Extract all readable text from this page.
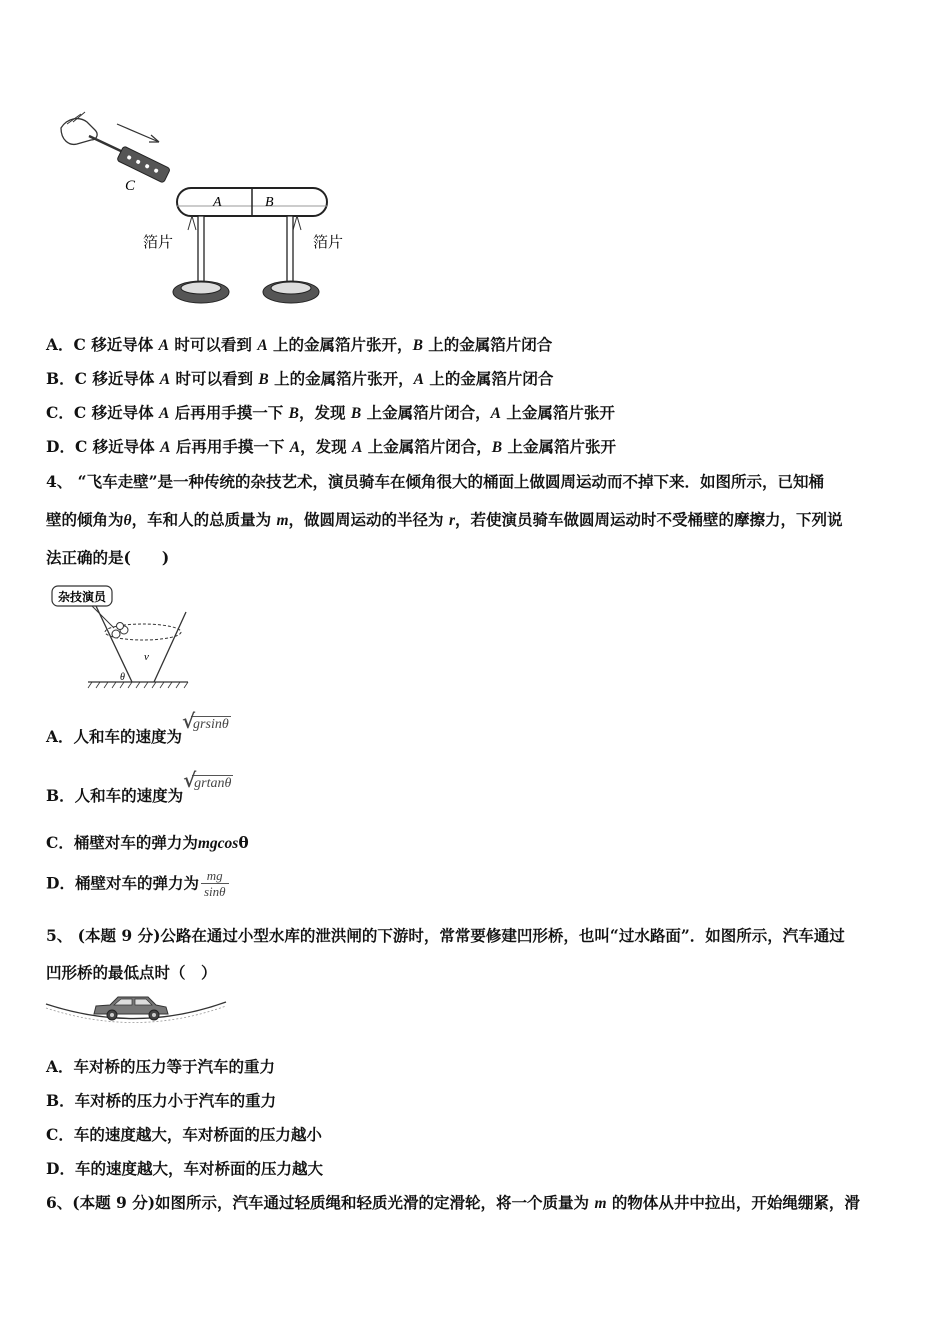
C
A	B
箔片	箔片
A．C 移近导体 A 时可以看到 A 上的金属箔片张开，B 上的金属箔片闭合
B．C 移近导体 A 时可以看到 B 上的金属箔片张开，A 上的金属箔片闭合
C．C 移近导体 A 后再用手摸一下 B，发现 B 上金属箔片闭合，A 上金属箔片张开
D．C 移近导体 A 后再用手摸一下 A，发现 A 上金属箔片闭合，B 上金属箔片张开
4、 “飞车走壁”是一种传统的杂技艺术，演员骑车在倾角很大的桶面上做圆周运动而不掉下来．如图所示，已知桶
壁的倾角为θ，车和人的总质量为 m，做圆周运动的半径为 r，若使演员骑车做圆周运动时不受桶壁的摩擦力，下列说
法正确的是(　　)
杂技演员
v
θ
A．人和车的速度为
√
grsinθ
B．人和车的速度为
√
grtanθ
C．桶壁对车的弹力为mgcosθ
D．桶壁对车的弹力为 $\frac{mg}{\sin\theta}$
5、 (本题 9 分)公路在通过小型水库的泄洪闸的下游时，常常要修建凹形桥，也叫“过水路面”．如图所示，汽车通过
凹形桥的最低点时（　）
A．车对桥的压力等于汽车的重力
B．车对桥的压力小于汽车的重力
C．车的速度越大，车对桥面的压力越小
D．车的速度越大，车对桥面的压力越大
6、(本题 9 分)如图所示，汽车通过轻质绳和轻质光滑的定滑轮，将一个质量为 m 的物体从井中拉出，开始绳绷紧，滑
